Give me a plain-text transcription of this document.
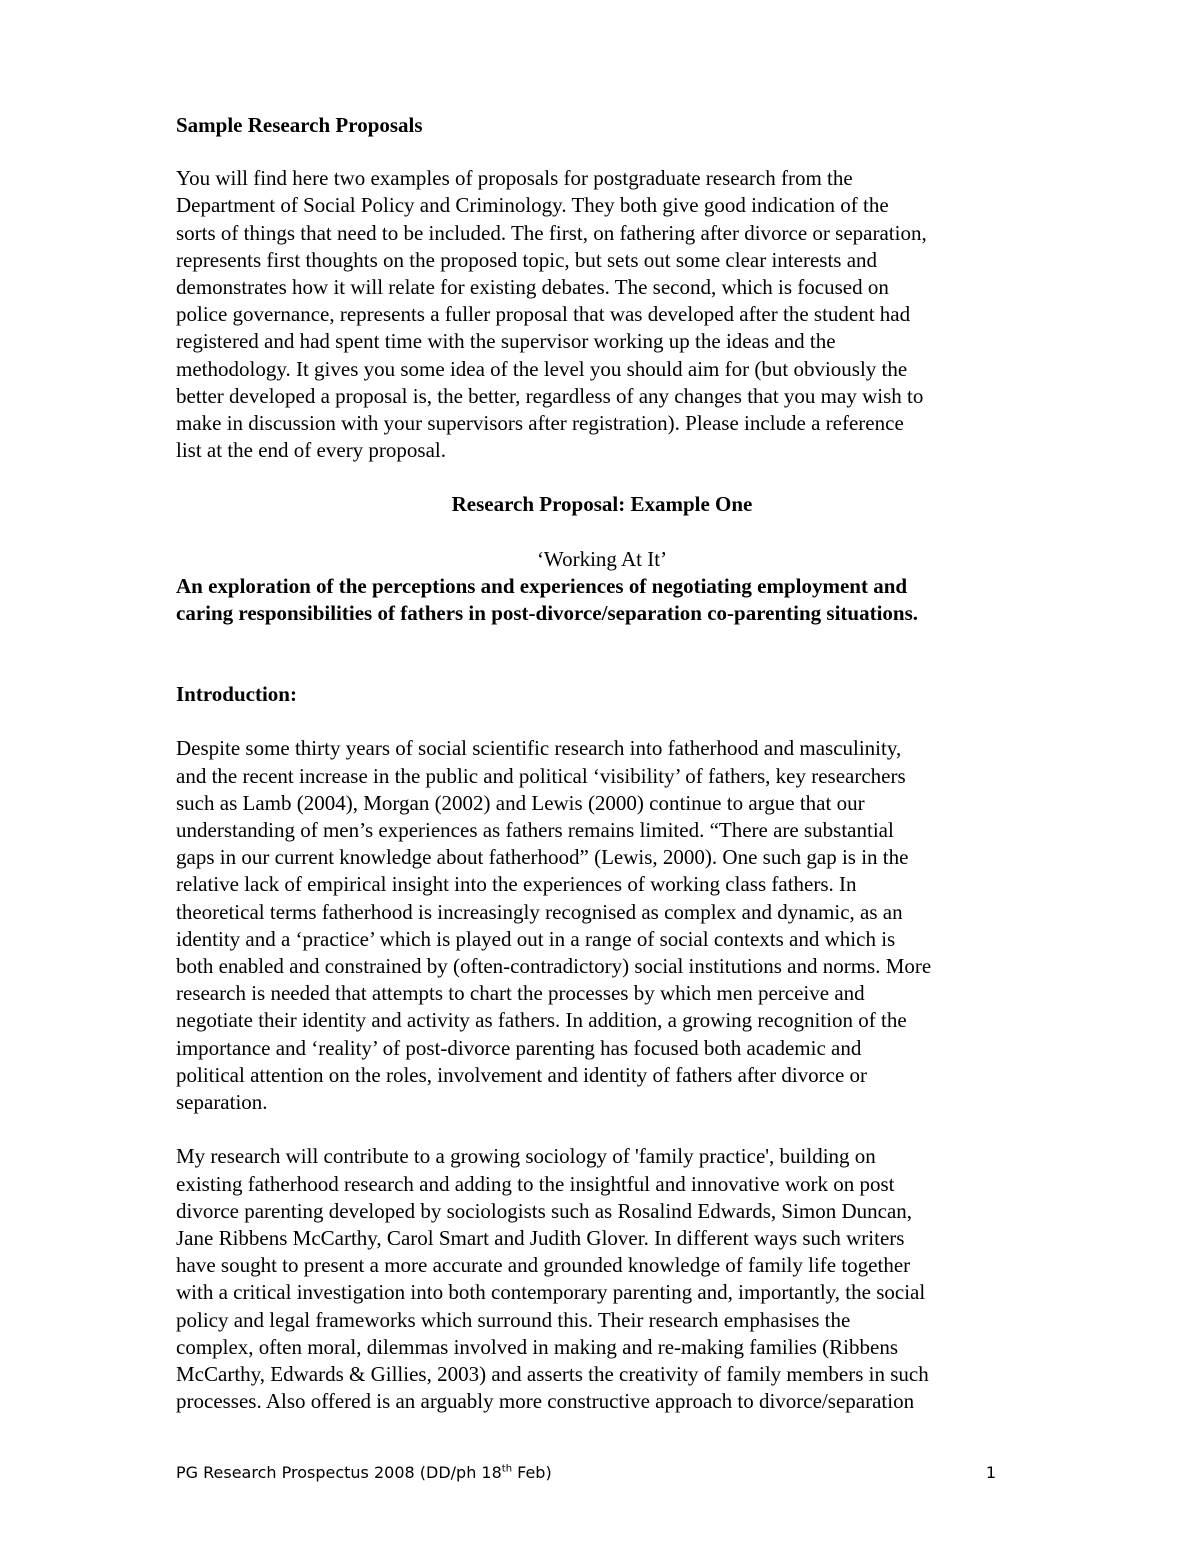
Sample Research Proposals

You will find here two examples of proposals for postgraduate research from the
Department of Social Policy and Criminology. They both give good indication of the
sorts of things that need to be included. The first, on fathering after divorce or separation,
represents first thoughts on the proposed topic, but sets out some clear interests and
demonstrates how it will relate for existing debates. The second, which is focused on
police governance, represents a fuller proposal that was developed after the student had
registered and had spent time with the supervisor working up the ideas and the
methodology. It gives you some idea of the level you should aim for (but obviously the
better developed a proposal is, the better, regardless of any changes that you may wish to
make in discussion with your supervisors after registration). Please include a reference
list at the end of every proposal.

Research Proposal: Example One

‘Working At It’

An exploration of the perceptions and experiences of negotiating employment and
caring responsibilities of fathers in post-divorce/separation co-parenting situations.

Introduction:

Despite some thirty years of social scientific research into fatherhood and masculinity,
and the recent increase in the public and political ‘visibility’ of fathers, key researchers
such as Lamb (2004), Morgan (2002) and Lewis (2000) continue to argue that our
understanding of men’s experiences as fathers remains limited. “There are substantial
gaps in our current knowledge about fatherhood” (Lewis, 2000). One such gap is in the
relative lack of empirical insight into the experiences of working class fathers. In
theoretical terms fatherhood is increasingly recognised as complex and dynamic, as an
identity and a ‘practice’ which is played out in a range of social contexts and which is
both enabled and constrained by (often-contradictory) social institutions and norms. More
research is needed that attempts to chart the processes by which men perceive and
negotiate their identity and activity as fathers. In addition, a growing recognition of the
importance and ‘reality’ of post-divorce parenting has focused both academic and
political attention on the roles, involvement and identity of fathers after divorce or
separation.

My research will contribute to a growing sociology of 'family practice', building on
existing fatherhood research and adding to the insightful and innovative work on post
divorce parenting developed by sociologists such as Rosalind Edwards, Simon Duncan,
Jane Ribbens McCarthy, Carol Smart and Judith Glover. In different ways such writers
have sought to present a more accurate and grounded knowledge of family life together
with a critical investigation into both contemporary parenting and, importantly, the social
policy and legal frameworks which surround this. Their research emphasises the
complex, often moral, dilemmas involved in making and re-making families (Ribbens
McCarthy, Edwards & Gillies, 2003) and asserts the creativity of family members in such
processes. Also offered is an arguably more constructive approach to divorce/separation

PG Research Prospectus 2008 (DD/ph 18th Feb)	1
